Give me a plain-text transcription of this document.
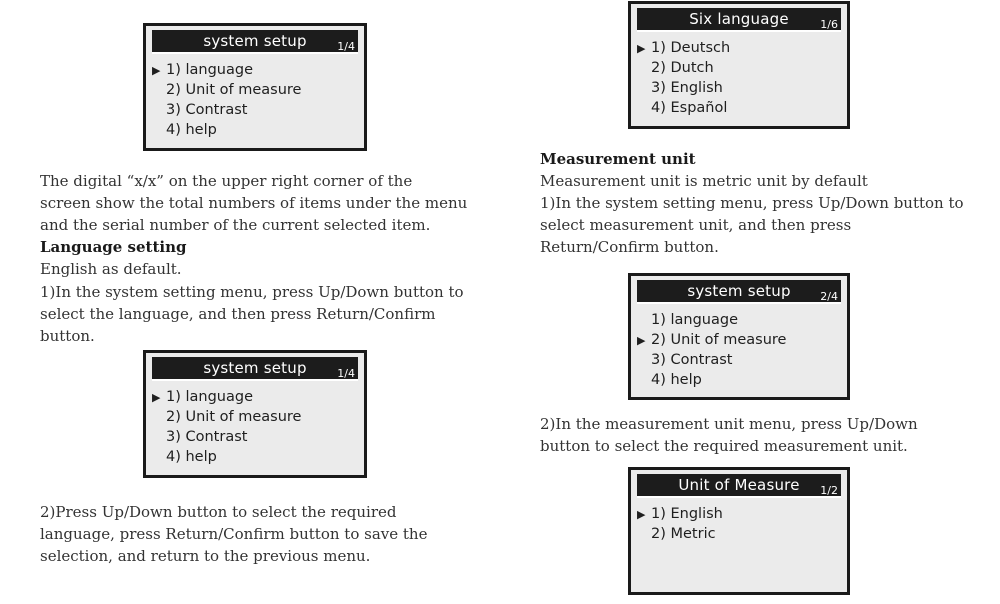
system setup	1/4
▶ 1) language
2) Unit of measure
3) Contrast
4) help
system setup	1/4
▶ 1) language
2) Unit of measure
3) Contrast
4) help
Six language	1/6
▶ 1) Deutsch
2) Dutch
3) English
4) Español
system setup	2/4
1) language
▶ 2) Unit of measure
3) Contrast
4) help
Unit of Measure	1/2
▶ 1) English
2) Metric
The digital “x/x” on the upper right corner of the
screen show the total numbers of items under the menu
and the serial number of the current selected item.
Language setting
English as default.
1)In the system setting menu, press Up/Down button to
select the language, and then press Return/Confirm
button.
2)Press Up/Down button to select the required
language, press Return/Confirm button to save the
selection, and return to the previous menu.
Measurement unit
Measurement unit is metric unit by default
1)In the system setting menu, press Up/Down button to
select measurement unit, and then press
Return/Confirm button.
2)In the measurement unit menu, press Up/Down
button to select the required measurement unit.
